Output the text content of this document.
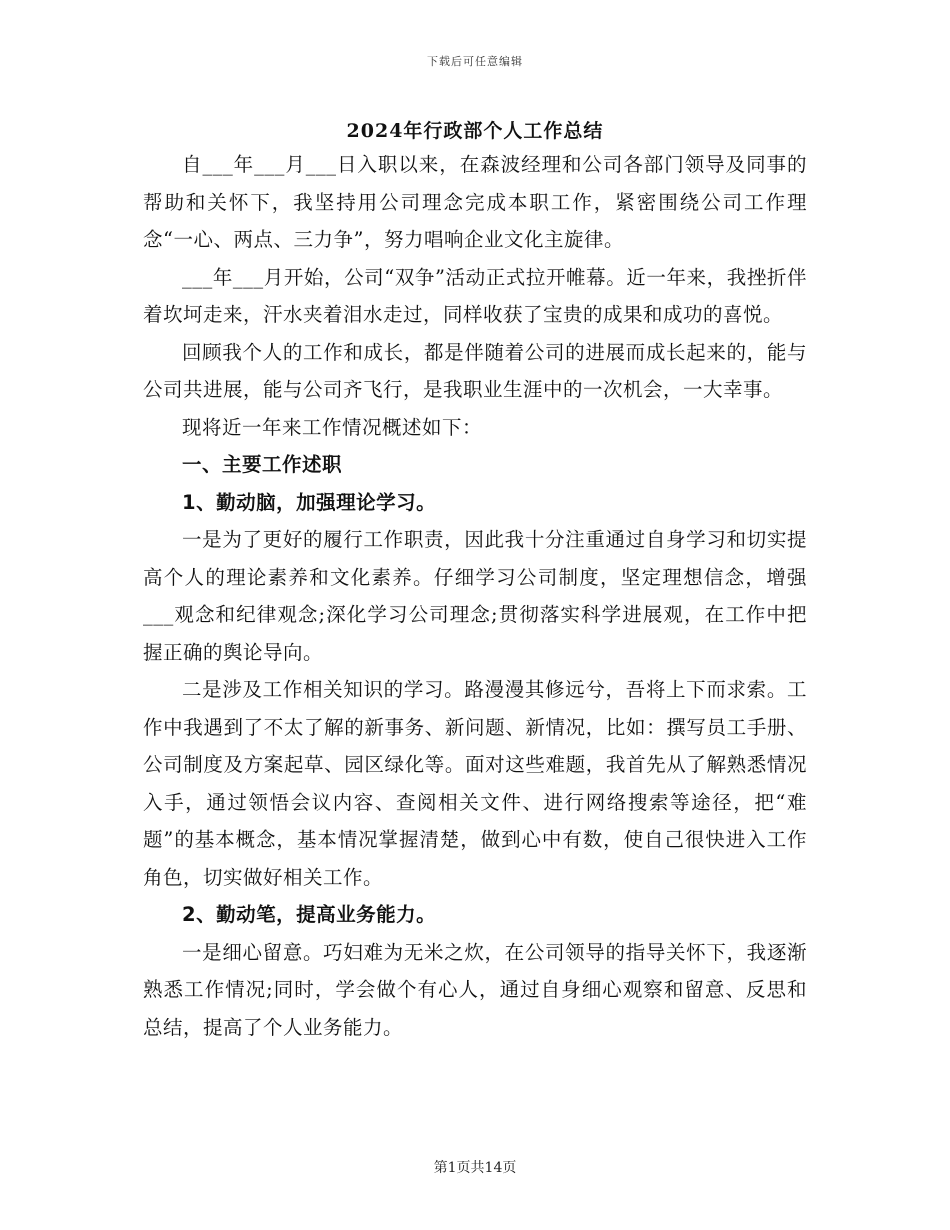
下载后可任意编辑
2024年行政部个人工作总结

自___年___月___日入职以来，在森波经理和公司各部门领导及同事的帮助和关怀下，我坚持用公司理念完成本职工作，紧密围绕公司工作理念“一心、两点、三力争”，努力唱响企业文化主旋律。

___年___月开始，公司“双争”活动正式拉开帷幕。近一年来，我挫折伴着坎坷走来，汗水夹着泪水走过，同样收获了宝贵的成果和成功的喜悦。

回顾我个人的工作和成长，都是伴随着公司的进展而成长起来的，能与公司共进展，能与公司齐飞行，是我职业生涯中的一次机会，一大幸事。

现将近一年来工作情况概述如下：

一、主要工作述职

1、勤动脑，加强理论学习。

一是为了更好的履行工作职责，因此我十分注重通过自身学习和切实提高个人的理论素养和文化素养。仔细学习公司制度，坚定理想信念，增强___观念和纪律观念;深化学习公司理念;贯彻落实科学进展观，在工作中把握正确的舆论导向。

二是涉及工作相关知识的学习。路漫漫其修远兮，吾将上下而求索。工作中我遇到了不太了解的新事务、新问题、新情况，比如：撰写员工手册、公司制度及方案起草、园区绿化等。面对这些难题，我首先从了解熟悉情况入手，通过领悟会议内容、查阅相关文件、进行网络搜索等途径，把“难题”的基本概念，基本情况掌握清楚，做到心中有数，使自己很快进入工作角色，切实做好相关工作。

2、勤动笔，提高业务能力。

一是细心留意。巧妇难为无米之炊，在公司领导的指导关怀下，我逐渐熟悉工作情况;同时，学会做个有心人，通过自身细心观察和留意、反思和总结，提高了个人业务能力。

第1页共14页
